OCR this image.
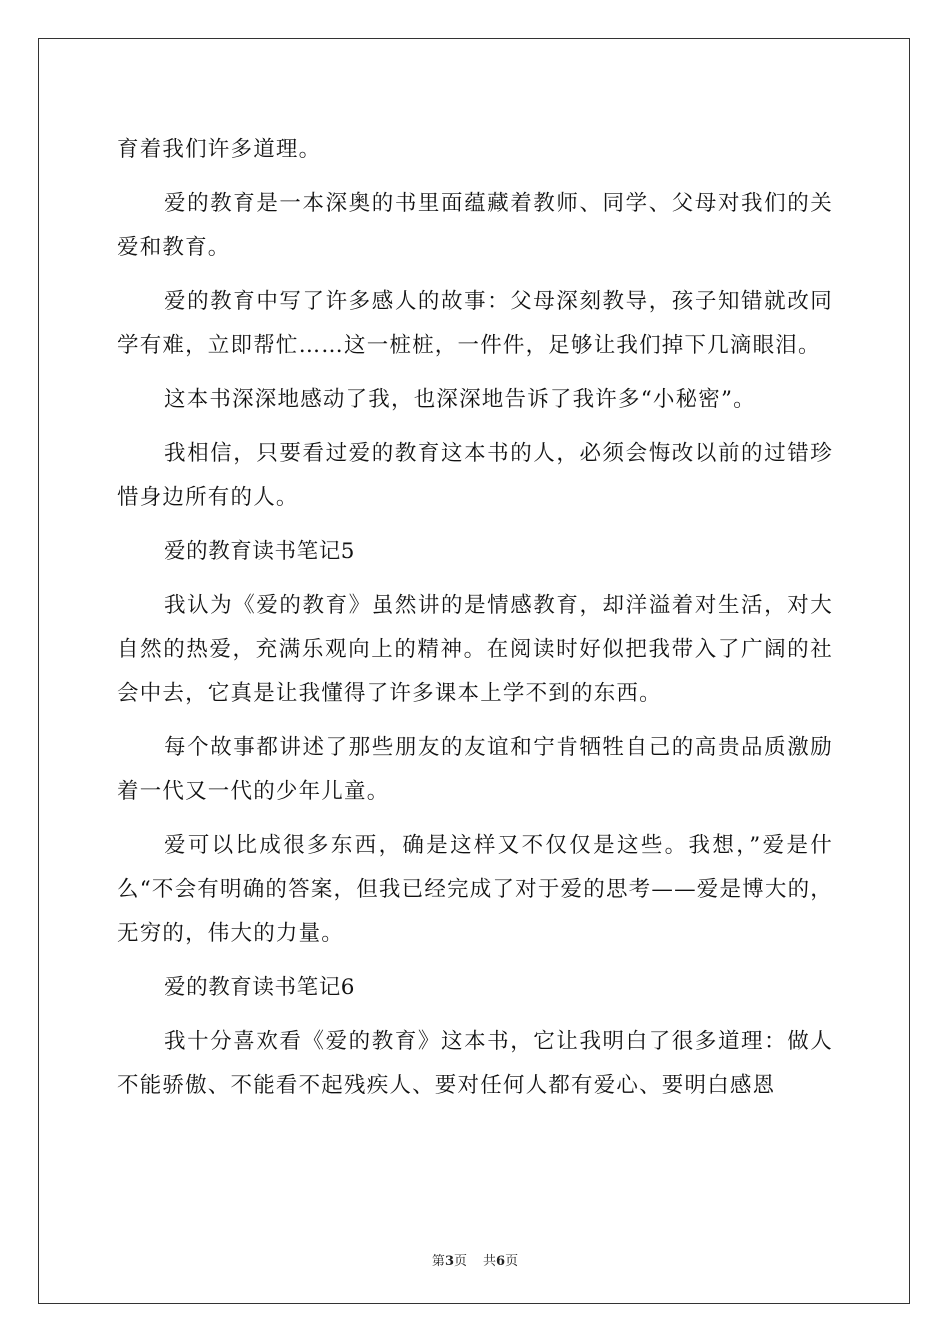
育着我们许多道理。

爱的教育是一本深奥的书里面蕴藏着教师、同学、父母对我们的关爱和教育。

爱的教育中写了许多感人的故事：父母深刻教导，孩子知错就改同学有难，立即帮忙……这一桩桩，一件件，足够让我们掉下几滴眼泪。

这本书深深地感动了我，也深深地告诉了我许多“小秘密”。

我相信，只要看过爱的教育这本书的人，必须会悔改以前的过错珍惜身边所有的人。

爱的教育读书笔记5

我认为《爱的教育》虽然讲的是情感教育，却洋溢着对生活，对大自然的热爱，充满乐观向上的精神。在阅读时好似把我带入了广阔的社会中去，它真是让我懂得了许多课本上学不到的东西。

每个故事都讲述了那些朋友的友谊和宁肯牺牲自己的高贵品质激励着一代又一代的少年儿童。

爱可以比成很多东西，确是这样又不仅仅是这些。我想，”爱是什么“不会有明确的答案，但我已经完成了对于爱的思考——爱是博大的，无穷的，伟大的力量。

爱的教育读书笔记6

我十分喜欢看《爱的教育》这本书，它让我明白了很多道理：做人不能骄傲、不能看不起残疾人、要对任何人都有爱心、要明白感恩

第3页 共6页
